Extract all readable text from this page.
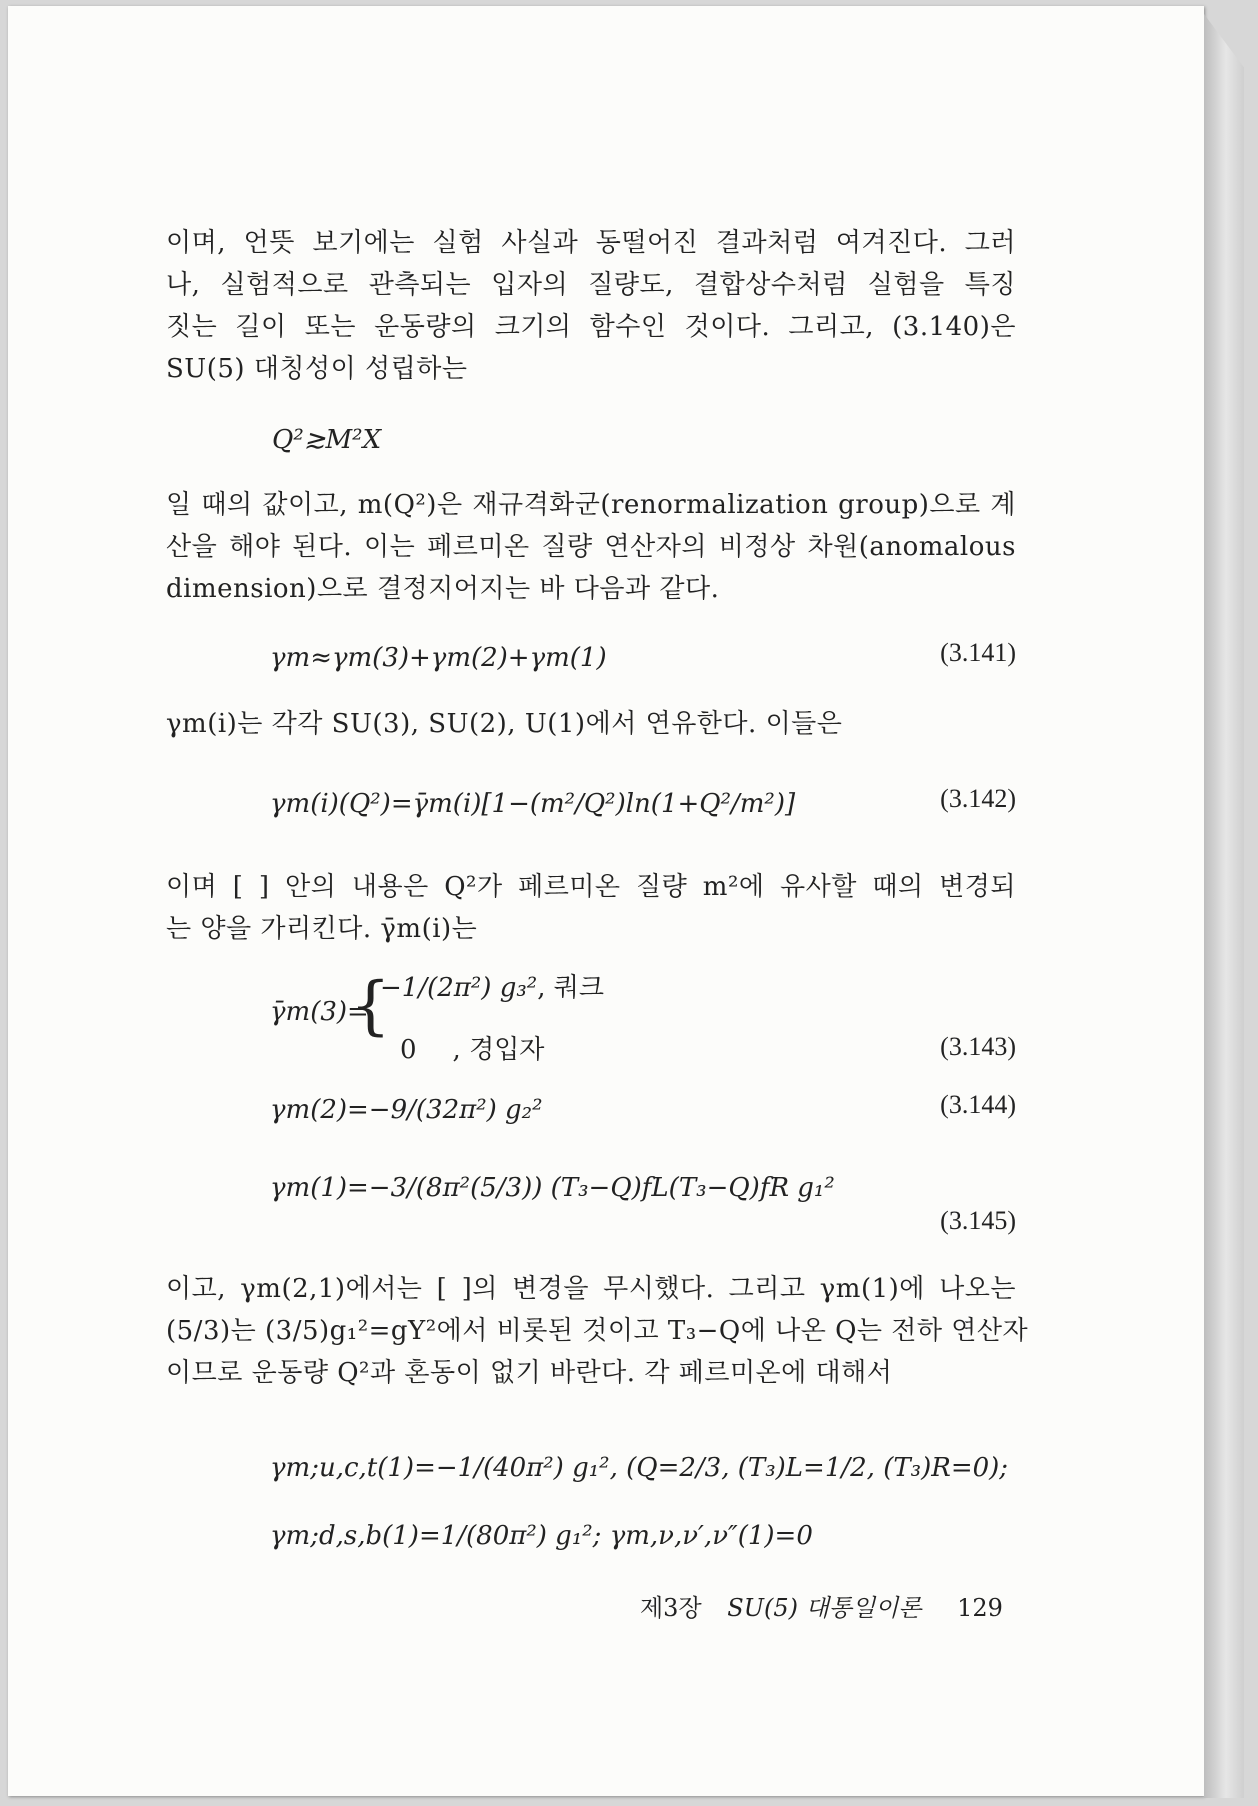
이며, 언뜻 보기에는 실험 사실과 동떨어진 결과처럼 여겨진다. 그러
나, 실험적으로 관측되는 입자의 질량도, 결합상수처럼 실험을 특징
짓는 길이 또는 운동량의 크기의 함수인 것이다. 그리고, (3.140)은
SU(5) 대칭성이 성립하는
Q²≳M²X
일 때의 값이고, m(Q²)은 재규격화군(renormalization group)으로 계
산을 해야 된다. 이는 페르미온 질량 연산자의 비정상 차원(anomalous
dimension)으로 결정지어지는 바 다음과 같다.
γm≈γm(3)+γm(2)+γm(1)	(3.141)
γm(i)는 각각 SU(3), SU(2), U(1)에서 연유한다. 이들은
γm(i)(Q²)=γ̄m(i)[1−(m²/Q²)ln(1+Q²/m²)]	(3.142)
이며 [ ] 안의 내용은 Q²가 페르미온 질량 m²에 유사할 때의 변경되
는 양을 가리킨다. γ̄m(i)는
γ̄m(3)=
{
−1/(2π²) g₃², 쿼크
0 , 경입자	(3.143)
γm(2)=−9/(32π²) g₂²	(3.144)
γm(1)=−3/(8π²(5/3)) (T₃−Q)fL(T₃−Q)fR g₁²
(3.145)
이고, γm(2,1)에서는 [ ]의 변경을 무시했다. 그리고 γm(1)에 나오는
(5/3)는 (3/5)g₁²=gY²에서 비롯된 것이고 T₃−Q에 나온 Q는 전하 연산자
이므로 운동량 Q²과 혼동이 없기 바란다. 각 페르미온에 대해서
γm;u,c,t(1)=−1/(40π²) g₁², (Q=2/3, (T₃)L=1/2, (T₃)R=0);
γm;d,s,b(1)=1/(80π²) g₁²; γm,ν,ν′,ν″(1)=0
제3장 SU(5) 대통일이론 129
